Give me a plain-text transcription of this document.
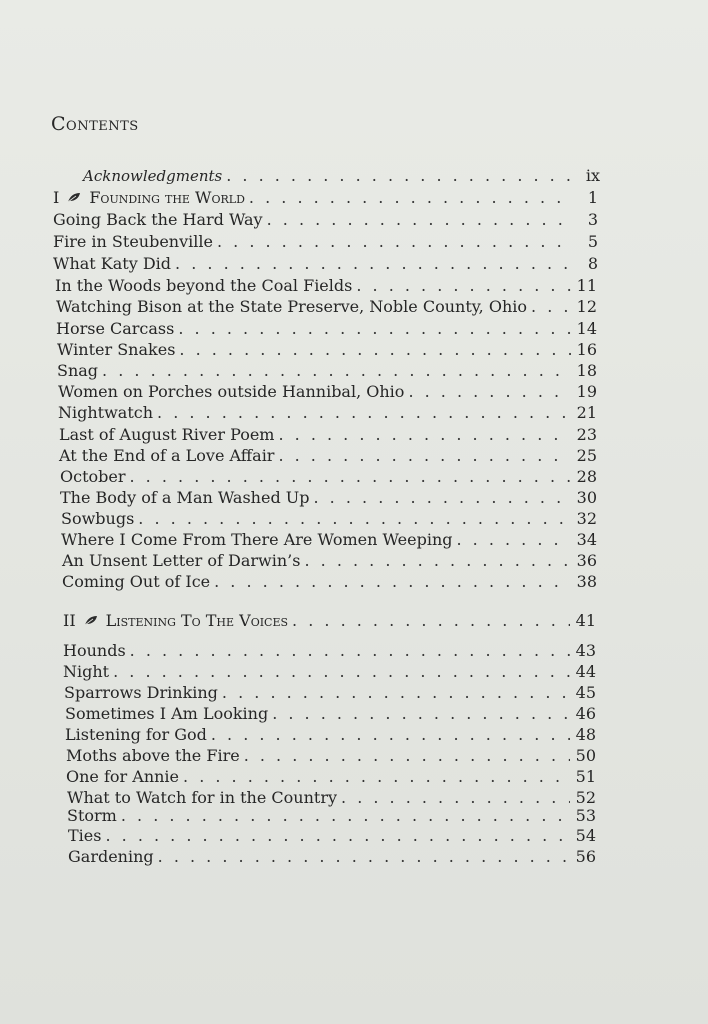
Contents
Acknowledgments . . .	ix
I Founding the World . . .	1
Going Back the Hard Way . . .	3
Fire in Steubenville . . .	5
What Katy Did . . .	8
In the Woods beyond the Coal Fields . . .	11
Watching Bison at the State Preserve, Noble County, Ohio . . .	12
Horse Carcass . . .	14
Winter Snakes . . .	16
Snag . . .	18
Women on Porches outside Hannibal, Ohio . . .	19
Nightwatch . . .	21
Last of August River Poem . . .	23
At the End of a Love Affair . . .	25
October . . .	28
The Body of a Man Washed Up . . .	30
Sowbugs . . .	32
Where I Come From There Are Women Weeping . . .	34
An Unsent Letter of Darwin’s . . .	36
Coming Out of Ice . . .	38
II Listening To The Voices . . .	41
Hounds . . .	43
Night . . .	44
Sparrows Drinking . . .	45
Sometimes I Am Looking . . .	46
Listening for God . . .	48
Moths above the Fire . . .	50
One for Annie . . .	51
What to Watch for in the Country . . .	52
Storm . . .	53
Ties . . .	54
Gardening . . .	56
